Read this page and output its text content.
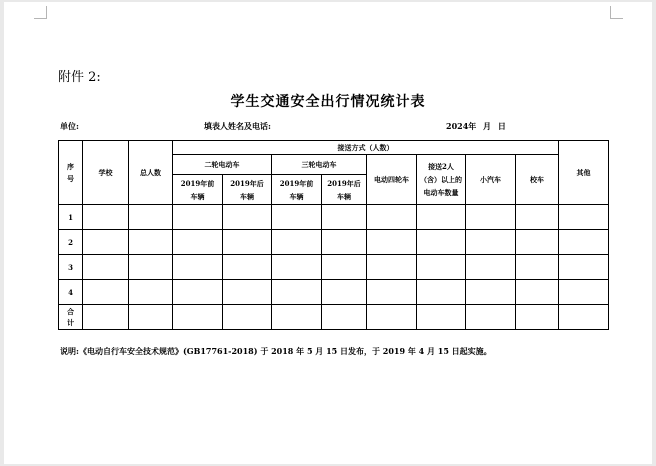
附件 2:
学生交通安全出行情况统计表
单位:	填表人姓名及电话:	2024年 月 日
序号	学校	总人数	接送方式（人数）								其他
			二轮电动车		三轮电动车		电动四轮车	接送2人（含）以上的电动车数量	小汽车	校车	
			2019年前车辆	2019年后车辆	2019年前车辆	2019年后车辆					
1											
2											
3											
4											
合计											
说明:《电动自行车安全技术规范》(GB17761-2018) 于 2018 年 5 月 15 日发布，于 2019 年 4 月 15 日起实施。
